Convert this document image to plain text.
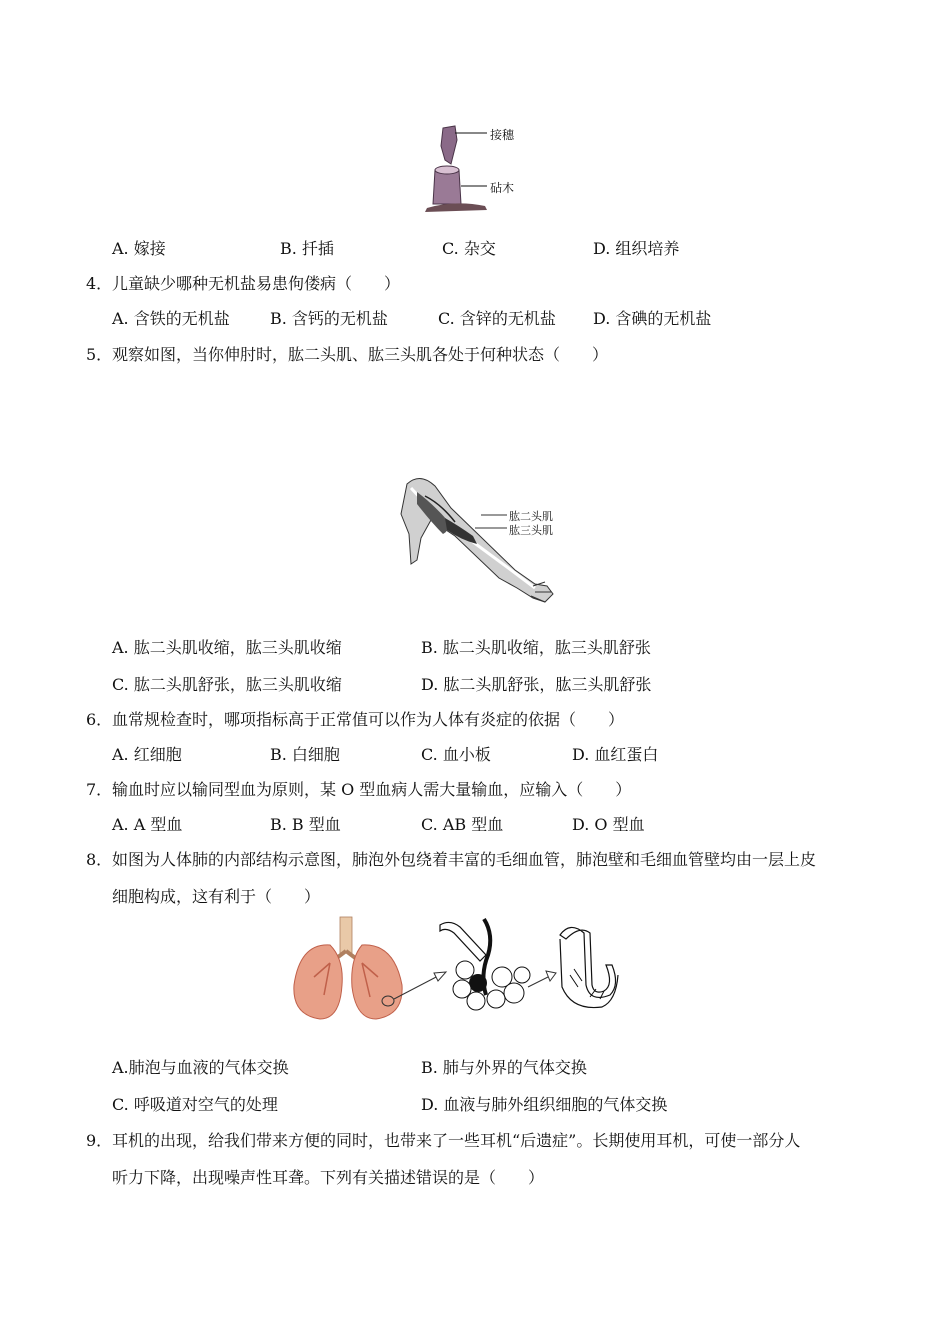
接穗
砧木
A. 嫁接	B. 扦插	C. 杂交	D. 组织培养
4． 儿童缺少哪种无机盐易患佝偻病（　　）
A. 含铁的无机盐	B. 含钙的无机盐	C. 含锌的无机盐 D. 含碘的无机盐
5． 观察如图，当你伸肘时，肱二头肌、肱三头肌各处于何种状态（　　）
肱二头肌
肱三头肌
A. 肱二头肌收缩，肱三头肌收缩	B. 肱二头肌收缩，肱三头肌舒张
C. 肱二头肌舒张，肱三头肌收缩	D. 肱二头肌舒张，肱三头肌舒张
6． 血常规检查时，哪项指标高于正常值可以作为人体有炎症的依据（　　）
A. 红细胞	B. 白细胞	C. 血小板	D. 血红蛋白
7． 输血时应以输同型血为原则，某 O 型血病人需大量输血，应输入（　　）
A. A 型血	B. B 型血	C. AB 型血	D. O 型血
8． 如图为人体肺的内部结构示意图，肺泡外包绕着丰富的毛细血管，肺泡壁和毛细血管壁均由一层上皮
细胞构成，这有利于（　　）
A.肺泡与血液的气体交换	B. 肺与外界的气体交换
C. 呼吸道对空气的处理	D. 血液与肺外组织细胞的气体交换
9． 耳机的出现，给我们带来方便的同时，也带来了一些耳机“后遗症”。长期使用耳机，可使一部分人
听力下降，出现噪声性耳聋。下列有关描述错误的是（　　）
